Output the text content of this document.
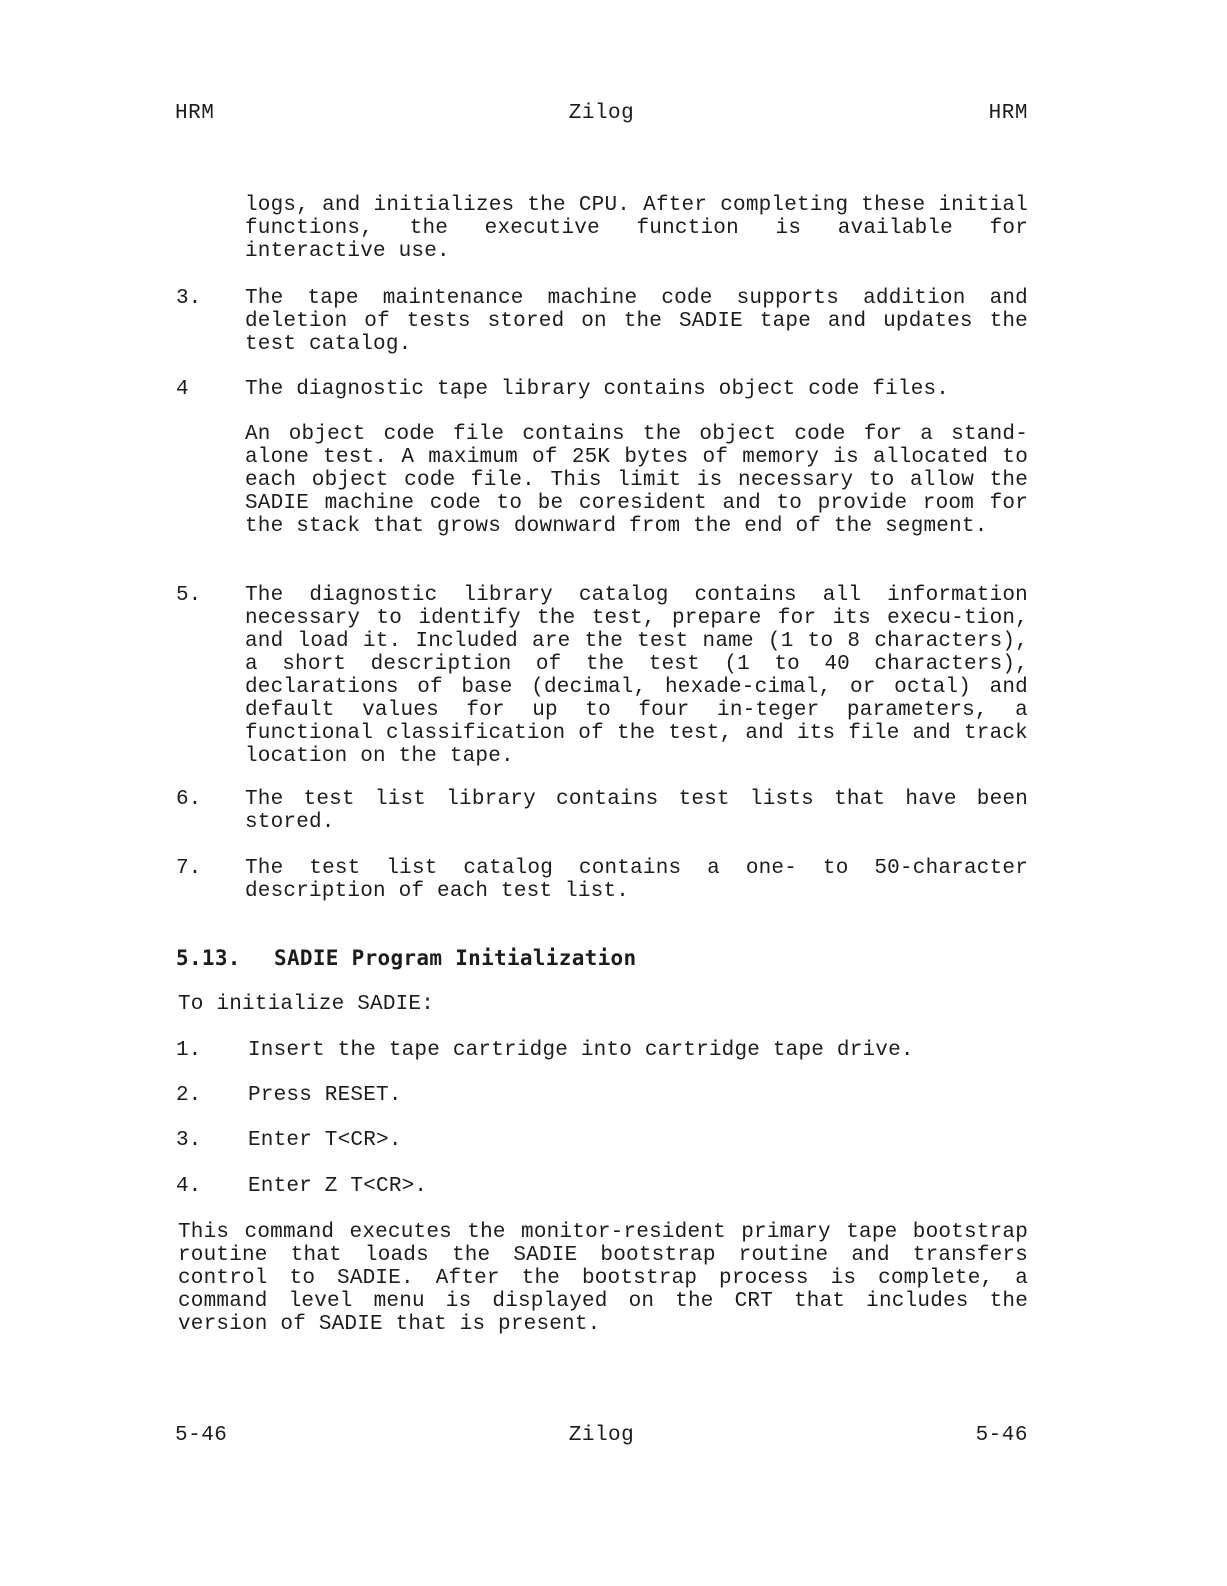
HRM	Zilog	HRM
logs, and initializes the CPU. After completing these initial functions, the executive function is available for interactive use.
3. The tape maintenance machine code supports addition and deletion of tests stored on the SADIE tape and updates the test catalog.
4	The diagnostic tape library contains object code files.
An object code file contains the object code for a stand-alone test. A maximum of 25K bytes of memory is allocated to each object code file. This limit is necessary to allow the SADIE machine code to be coresident and to provide room for the stack that grows downward from the end of the segment.
5. The diagnostic library catalog contains all information necessary to identify the test, prepare for its execu-tion, and load it. Included are the test name (1 to 8 characters), a short description of the test (1 to 40 characters), declarations of base (decimal, hexade-cimal, or octal) and default values for up to four in-teger parameters, a functional classification of the test, and its file and track location on the tape.
6. The test list library contains test lists that have been stored.
7. The test list catalog contains a one- to 50-character description of each test list.
5.13. SADIE Program Initialization
To initialize SADIE:
1. Insert the tape cartridge into cartridge tape drive.
2. Press RESET.
3. Enter T<CR>.
4. Enter Z T<CR>.
This command executes the monitor-resident primary tape bootstrap routine that loads the SADIE bootstrap routine and transfers control to SADIE. After the bootstrap process is complete, a command level menu is displayed on the CRT that includes the version of SADIE that is present.
5-46	Zilog	5-46
